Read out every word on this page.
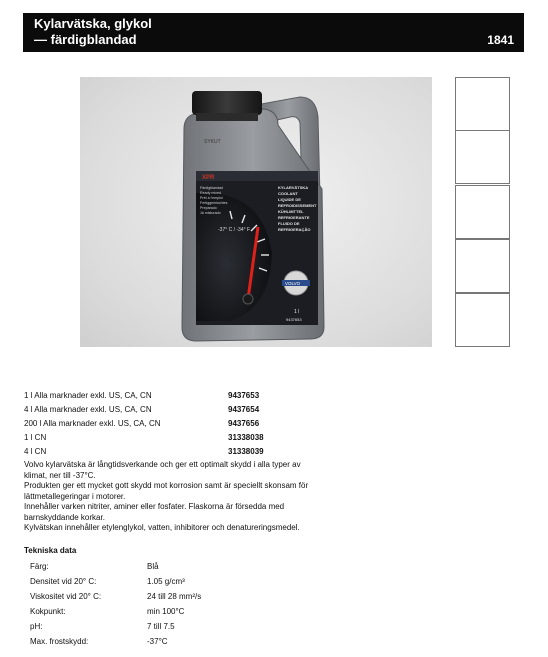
Kylarvätska, glykol
— färdigblandad	1841
SYKUT
XPR
-37° C / -34° F
Färdigblandad
Ready mixed
Prêt à l'emploi
Fertiggemischtes
Preparado
Já misturado
KYLARVÄTSKA
COOLANT
LIQUIDE DE
REFROIDISSEMENT
KÜHLMITTEL
REFRIGERANTE
FLUIDO DE
REFRIGERAÇÃO
VOLVO
1 l
9437653
1 l Alla marknader exkl. US, CA, CN	9437653
4 l Alla marknader exkl. US, CA, CN	9437654
200 l Alla marknader exkl. US, CA, CN	9437656
1 l CN	31338038
4 l CN	31338039

Volvo kylarvätska är långtidsverkande och ger ett optimalt skydd i alla typer av klimat, ner till -37°C.

Produkten ger ett mycket gott skydd mot korrosion samt är speciellt skonsam för lättmetallegeringar i motorer.

Innehåller varken nitriter, aminer eller fosfater. Flaskorna är försedda med barnskyddande korkar.

Kylvätskan innehåller etylenglykol, vatten, inhibitorer och denatureringsmedel.

Tekniska data
Färg:	Blå
Densitet vid 20° C:	1.05 g/cm³
Viskositet vid 20° C:	24 till 28 mm²/s
Kokpunkt:	min 100°C
pH:	7 till 7.5
Max. frostskydd:	-37°C
